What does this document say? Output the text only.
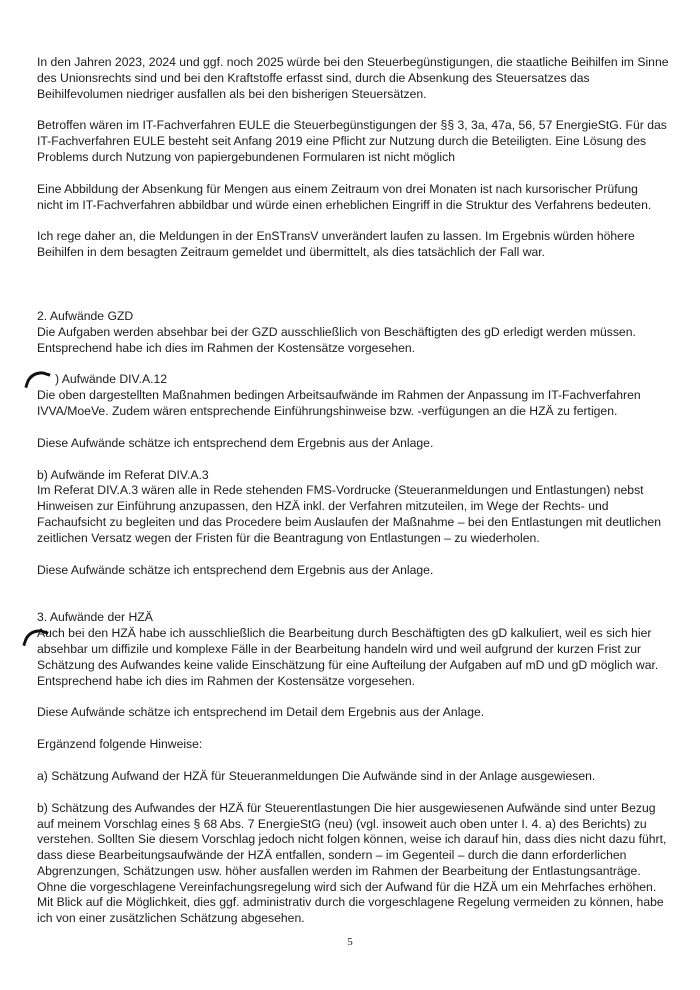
In den Jahren 2023, 2024 und ggf. noch 2025 würde bei den Steuerbegünstigungen, die staatliche Beihilfen im Sinne
des Unionsrechts sind und bei den Kraftstoffe erfasst sind, durch die Absenkung des Steuersatzes das
Beihilfevolumen niedriger ausfallen als bei den bisherigen Steuersätzen.

Betroffen wären im IT-Fachverfahren EULE die Steuerbegünstigungen der §§ 3, 3a, 47a, 56, 57 EnergieStG. Für das
IT-Fachverfahren EULE besteht seit Anfang 2019 eine Pflicht zur Nutzung durch die Beteiligten. Eine Lösung des
Problems durch Nutzung von papiergebundenen Formularen ist nicht möglich

Eine Abbildung der Absenkung für Mengen aus einem Zeitraum von drei Monaten ist nach kursorischer Prüfung
nicht im IT-Fachverfahren abbildbar und würde einen erheblichen Eingriff in die Struktur des Verfahrens bedeuten.

Ich rege daher an, die Meldungen in der EnSTransV unverändert laufen zu lassen. Im Ergebnis würden höhere
Beihilfen in dem besagten Zeitraum gemeldet und übermittelt, als dies tatsächlich der Fall war.

2. Aufwände GZD

Die Aufgaben werden absehbar bei der GZD ausschließlich von Beschäftigten des gD erledigt werden müssen.
Entsprechend habe ich dies im Rahmen der Kostensätze vorgesehen.

) Aufwände DIV.A.12

Die oben dargestellten Maßnahmen bedingen Arbeitsaufwände im Rahmen der Anpassung im IT-Fachverfahren
IVVA/MoeVe. Zudem wären entsprechende Einführungshinweise bzw. -verfügungen an die HZÄ zu fertigen.

Diese Aufwände schätze ich entsprechend dem Ergebnis aus der Anlage.

b) Aufwände im Referat DIV.A.3

Im Referat DIV.A.3 wären alle in Rede stehenden FMS-Vordrucke (Steueranmeldungen und Entlastungen) nebst
Hinweisen zur Einführung anzupassen, den HZÄ inkl. der Verfahren mitzuteilen, im Wege der Rechts- und
Fachaufsicht zu begleiten und das Procedere beim Auslaufen der Maßnahme – bei den Entlastungen mit deutlichen
zeitlichen Versatz wegen der Fristen für die Beantragung von Entlastungen – zu wiederholen.

Diese Aufwände schätze ich entsprechend dem Ergebnis aus der Anlage.

3. Aufwände der HZÄ

Auch bei den HZÄ habe ich ausschließlich die Bearbeitung durch Beschäftigten des gD kalkuliert, weil es sich hier
absehbar um diffizile und komplexe Fälle in der Bearbeitung handeln wird und weil aufgrund der kurzen Frist zur
Schätzung des Aufwandes keine valide Einschätzung für eine Aufteilung der Aufgaben auf mD und gD möglich war.
Entsprechend habe ich dies im Rahmen der Kostensätze vorgesehen.

Diese Aufwände schätze ich entsprechend im Detail dem Ergebnis aus der Anlage.

Ergänzend folgende Hinweise:

a) Schätzung Aufwand der HZÄ für Steueranmeldungen Die Aufwände sind in der Anlage ausgewiesen.

b) Schätzung des Aufwandes der HZÄ für Steuerentlastungen Die hier ausgewiesenen Aufwände sind unter Bezug
auf meinem Vorschlag eines § 68 Abs. 7 EnergieStG (neu) (vgl. insoweit auch oben unter I. 4. a) des Berichts) zu
verstehen. Sollten Sie diesem Vorschlag jedoch nicht folgen können, weise ich darauf hin, dass dies nicht dazu führt,
dass diese Bearbeitungsaufwände der HZÄ entfallen, sondern – im Gegenteil – durch die dann erforderlichen
Abgrenzungen, Schätzungen usw. höher ausfallen werden im Rahmen der Bearbeitung der Entlastungsanträge.
Ohne die vorgeschlagene Vereinfachungsregelung wird sich der Aufwand für die HZÄ um ein Mehrfaches erhöhen.
Mit Blick auf die Möglichkeit, dies ggf. administrativ durch die vorgeschlagene Regelung vermeiden zu können, habe
ich von einer zusätzlichen Schätzung abgesehen.

5
